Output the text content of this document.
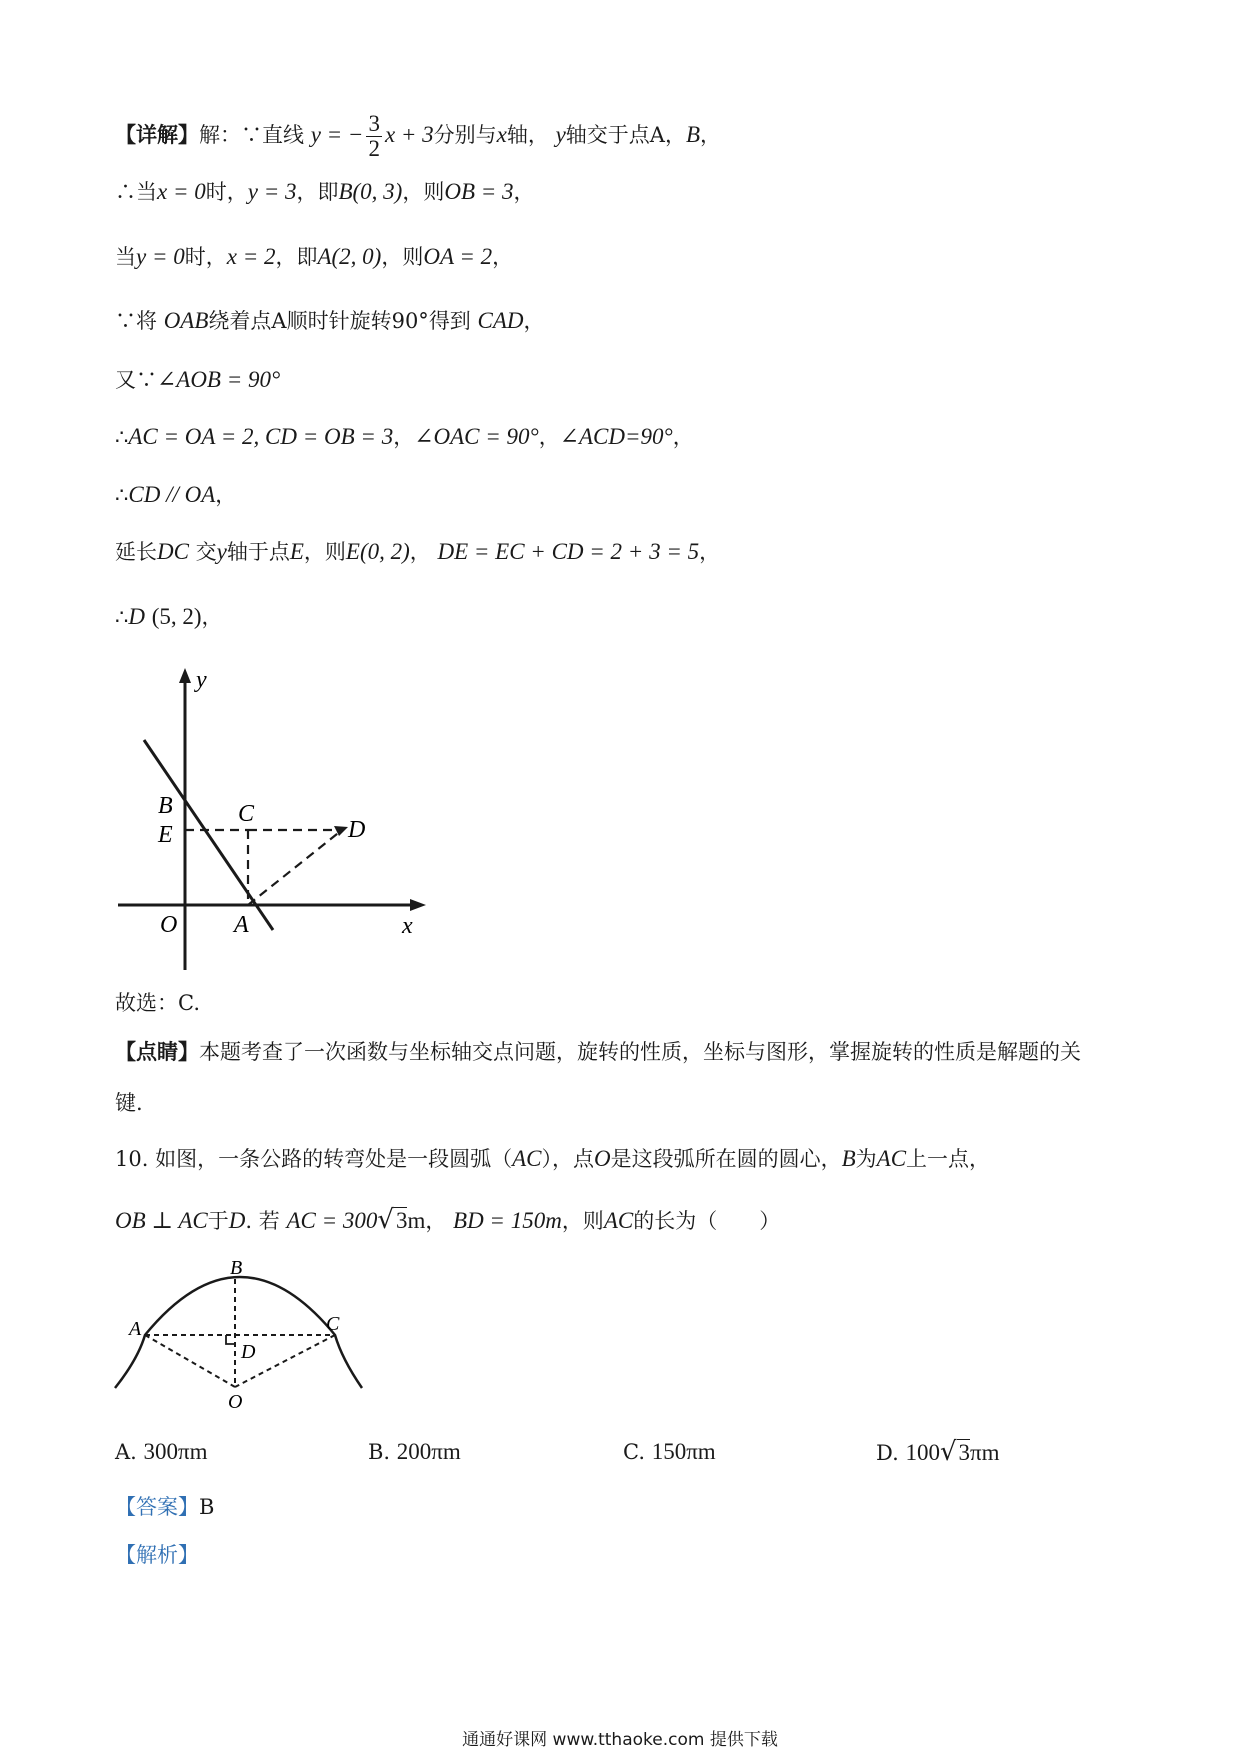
【详解】解：∵直线 y = − $\frac{3}{2}$ x + 3分别与x轴， y轴交于点A，B，
∴当x = 0时，y = 3，即B(0, 3)，则OB = 3，
当y = 0时，x = 2，即A(2, 0)，则OA = 2，
∵将 OAB绕着点A顺时针旋转90°得到 CAD，
又∵∠AOB = 90°
∴AC = OA = 2, CD = OB = 3，∠OAC = 90°，∠ACD=90°，
∴CD // OA，
延长DC 交y轴于点E，则E(0, 2)， DE = EC + CD = 2 + 3 = 5，
∴D (5, 2)，
y
x
B
E
C
D
O A
故选：C.
【点睛】本题考查了一次函数与坐标轴交点问题，旋转的性质，坐标与图形，掌握旋转的性质是解题的关
键.
10. 如图，一条公路的转弯处是一段圆弧（AC），点O是这段弧所在圆的圆心，B为AC上一点，
OB ⊥ AC于D. 若 AC = 300√3m， BD = 150m，则AC的长为（　　）
A
B
C
D
O
A. 300πm	B. 200πm	C. 150πm	D. 100√3πm
【答案】B
【解析】
通通好课网 www.tthaoke.com 提供下载
